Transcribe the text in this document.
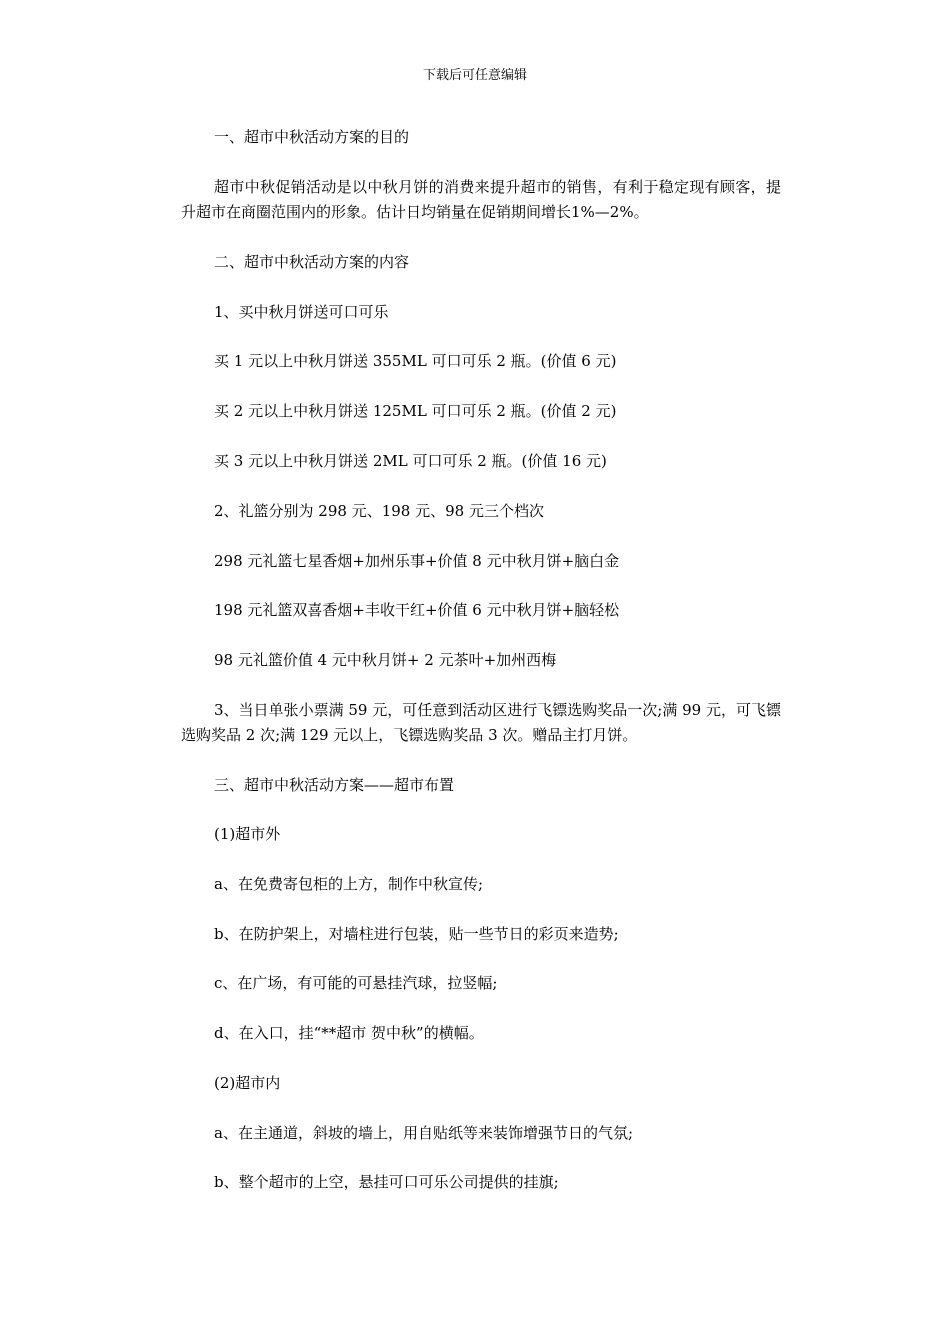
下载后可任意编辑
一、超市中秋活动方案的目的
超市中秋促销活动是以中秋月饼的消费来提升超市的销售，有利于稳定现有顾客，提升超市在商圈范围内的形象。估计日均销量在促销期间增长1%—2%。
二、超市中秋活动方案的内容
1、买中秋月饼送可口可乐
买 1 元以上中秋月饼送 355ML 可口可乐 2 瓶。(价值 6 元)
买 2 元以上中秋月饼送 125ML 可口可乐 2 瓶。(价值 2 元)
买 3 元以上中秋月饼送 2ML 可口可乐 2 瓶。(价值 16 元)
2、礼篮分别为 298 元、198 元、98 元三个档次
298 元礼篮七星香烟+加州乐事+价值 8 元中秋月饼+脑白金
198 元礼篮双喜香烟+丰收干红+价值 6 元中秋月饼+脑轻松
98 元礼篮价值 4 元中秋月饼+ 2 元茶叶+加州西梅
3、当日单张小票满 59 元，可任意到活动区进行飞镖选购奖品一次;满 99 元，可飞镖选购奖品 2 次;满 129 元以上，飞镖选购奖品 3 次。赠品主打月饼。
三、超市中秋活动方案——超市布置
(1)超市外
a、在免费寄包柜的上方，制作中秋宣传;
b、在防护架上，对墙柱进行包装，贴一些节日的彩页来造势;
c、在广场，有可能的可悬挂汽球，拉竖幅;
d、在入口，挂“**超市 贺中秋”的横幅。
(2)超市内
a、在主通道，斜坡的墙上，用自贴纸等来装饰增强节日的气氛;
b、整个超市的上空，悬挂可口可乐公司提供的挂旗;
